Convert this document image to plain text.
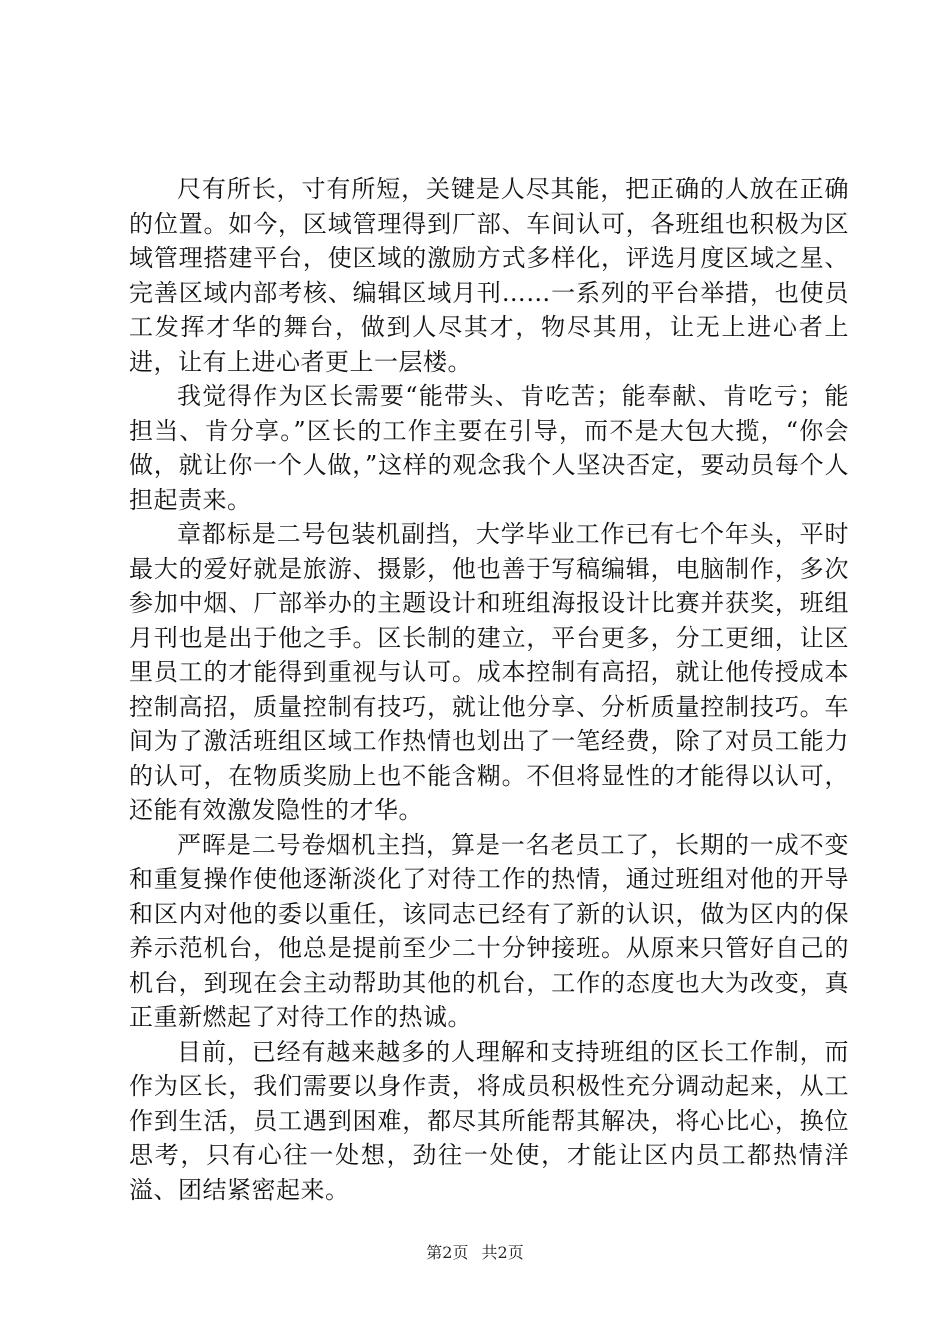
尺有所长，寸有所短，关键是人尽其能，把正确的人放在正确的位置。如今，区域管理得到厂部、车间认可，各班组也积极为区域管理搭建平台，使区域的激励方式多样化，评选月度区域之星、完善区域内部考核、编辑区域月刊……一系列的平台举措，也使员工发挥才华的舞台，做到人尽其才，物尽其用，让无上进心者上进，让有上进心者更上一层楼。

我觉得作为区长需要“能带头、肯吃苦；能奉献、肯吃亏；能担当、肯分享。”区长的工作主要在引导，而不是大包大揽，“你会做，就让你一个人做，”这样的观念我个人坚决否定，要动员每个人担起责来。

章都标是二号包装机副挡，大学毕业工作已有七个年头，平时最大的爱好就是旅游、摄影，他也善于写稿编辑，电脑制作，多次参加中烟、厂部举办的主题设计和班组海报设计比赛并获奖，班组月刊也是出于他之手。区长制的建立，平台更多，分工更细，让区里员工的才能得到重视与认可。成本控制有高招，就让他传授成本控制高招，质量控制有技巧，就让他分享、分析质量控制技巧。车间为了激活班组区域工作热情也划出了一笔经费，除了对员工能力的认可，在物质奖励上也不能含糊。不但将显性的才能得以认可，还能有效激发隐性的才华。

严晖是二号卷烟机主挡，算是一名老员工了，长期的一成不变和重复操作使他逐渐淡化了对待工作的热情，通过班组对他的开导和区内对他的委以重任，该同志已经有了新的认识，做为区内的保养示范机台，他总是提前至少二十分钟接班。从原来只管好自己的机台，到现在会主动帮助其他的机台，工作的态度也大为改变，真正重新燃起了对待工作的热诚。

目前，已经有越来越多的人理解和支持班组的区长工作制，而作为区长，我们需要以身作责，将成员积极性充分调动起来，从工作到生活，员工遇到困难，都尽其所能帮其解决，将心比心，换位思考，只有心往一处想，劲往一处使，才能让区内员工都热情洋溢、团结紧密起来。

第2页 共2页
